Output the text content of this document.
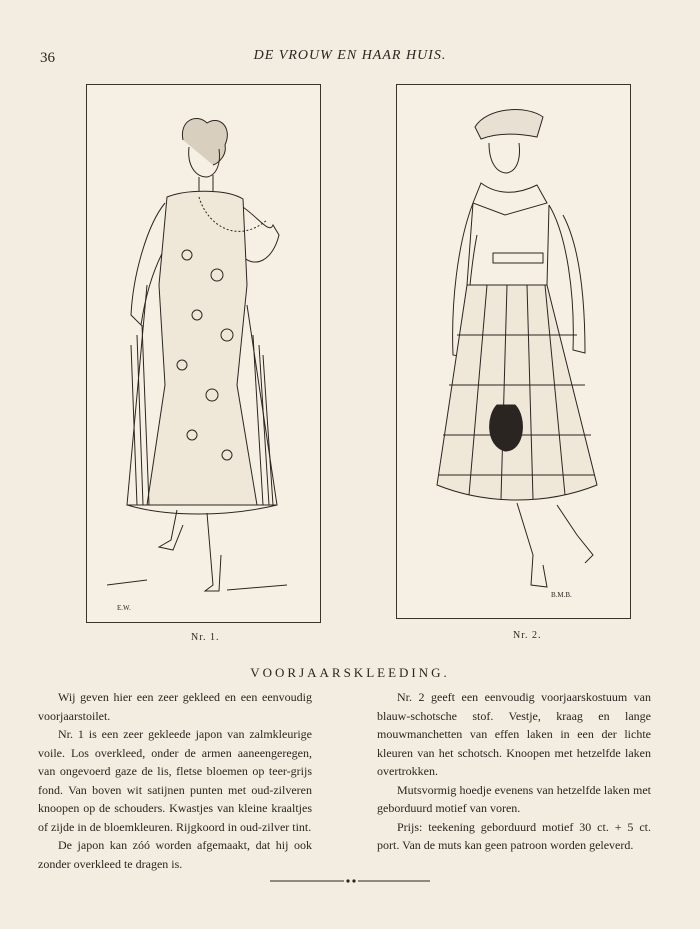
36	DE VROUW EN HAAR HUIS.
E.W.
B.M.B.
Nr. 1.	Nr. 2.
VOORJAARSKLEEDING.

Wij geven hier een zeer gekleed en een eenvoudig voorjaarstoilet.

Nr. 1 is een zeer gekleede japon van zalmkleurige voile. Los overkleed, onder de armen aaneengeregen, van ongevoerd gaze de lis, fletse bloemen op teer-grijs fond. Van boven wit satijnen punten met oud-zilveren knoopen op de schouders. Kwastjes van kleine kraaltjes of zijde in de bloemkleuren. Rijgkoord in oud-zilver tint.

De japon kan zóó worden afgemaakt, dat hij ook zonder overkleed te dragen is.

Nr. 2 geeft een eenvoudig voorjaarskostuum van blauw-schotsche stof. Vestje, kraag en lange mouwmanchetten van effen laken in een der lichte kleuren van het schotsch. Knoopen met hetzelfde laken overtrokken.

Mutsvormig hoedje evenens van hetzelfde laken met geborduurd motief van voren.

Prijs: teekening geborduurd motief 30 ct. + 5 ct. port. Van de muts kan geen patroon worden geleverd.
